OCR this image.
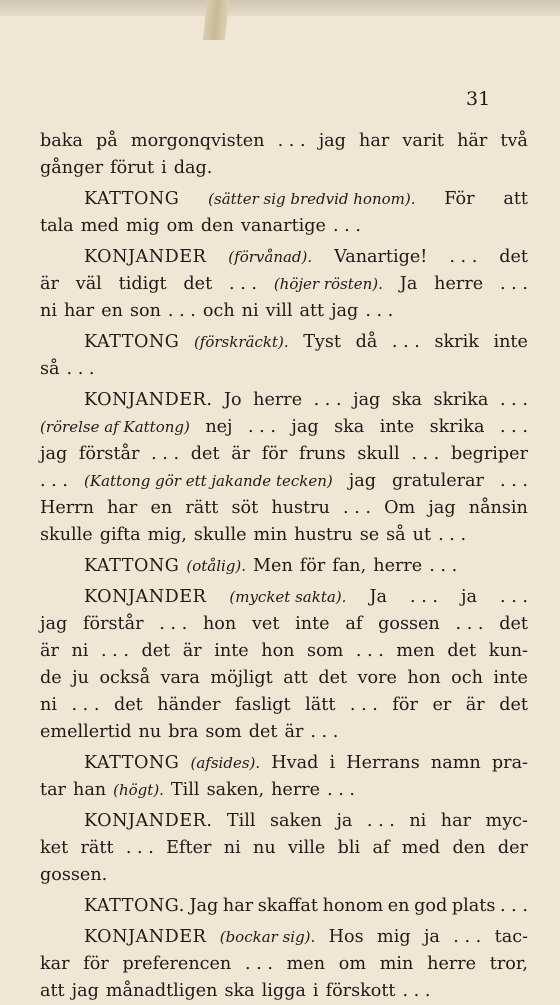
31
baka på morgonqvisten . . . jag har varit här två
gånger förut i dag.
KATTONG (sätter sig bredvid honom). För att
tala med mig om den vanartige . . .
KONJANDER (förvånad). Vanartige! . . . det
är väl tidigt det . . . (höjer rösten). Ja herre . . .
ni har en son . . . och ni vill att jag . . .
KATTONG (förskräckt). Tyst då . . . skrik inte
så . . .
KONJANDER. Jo herre . . . jag ska skrika . . .
(rörelse af Kattong) nej . . . jag ska inte skrika . . .
jag förstår . . . det är för fruns skull . . . begriper
. . . (Kattong gör ett jakande tecken) jag gratulerar . . .
Herrn har en rätt söt hustru . . . Om jag nånsin
skulle gifta mig, skulle min hustru se så ut . . .
KATTONG (otålig). Men för fan, herre . . .
KONJANDER (mycket sakta). Ja . . . ja . . .
jag förstår . . . hon vet inte af gossen . . . det
är ni . . . det är inte hon som . . . men det kun-
de ju också vara möjligt att det vore hon och inte
ni . . . det händer fasligt lätt . . . för er är det
emellertid nu bra som det är . . .
KATTONG (afsides). Hvad i Herrans namn pra-
tar han (högt). Till saken, herre . . .
KONJANDER. Till saken ja . . . ni har myc-
ket rätt . . . Efter ni nu ville bli af med den der
gossen.
KATTONG. Jag har skaffat honom en god plats . . .
KONJANDER (bockar sig). Hos mig ja . . . tac-
kar för preferencen . . . men om min herre tror,
att jag månadtligen ska ligga i förskott . . .
